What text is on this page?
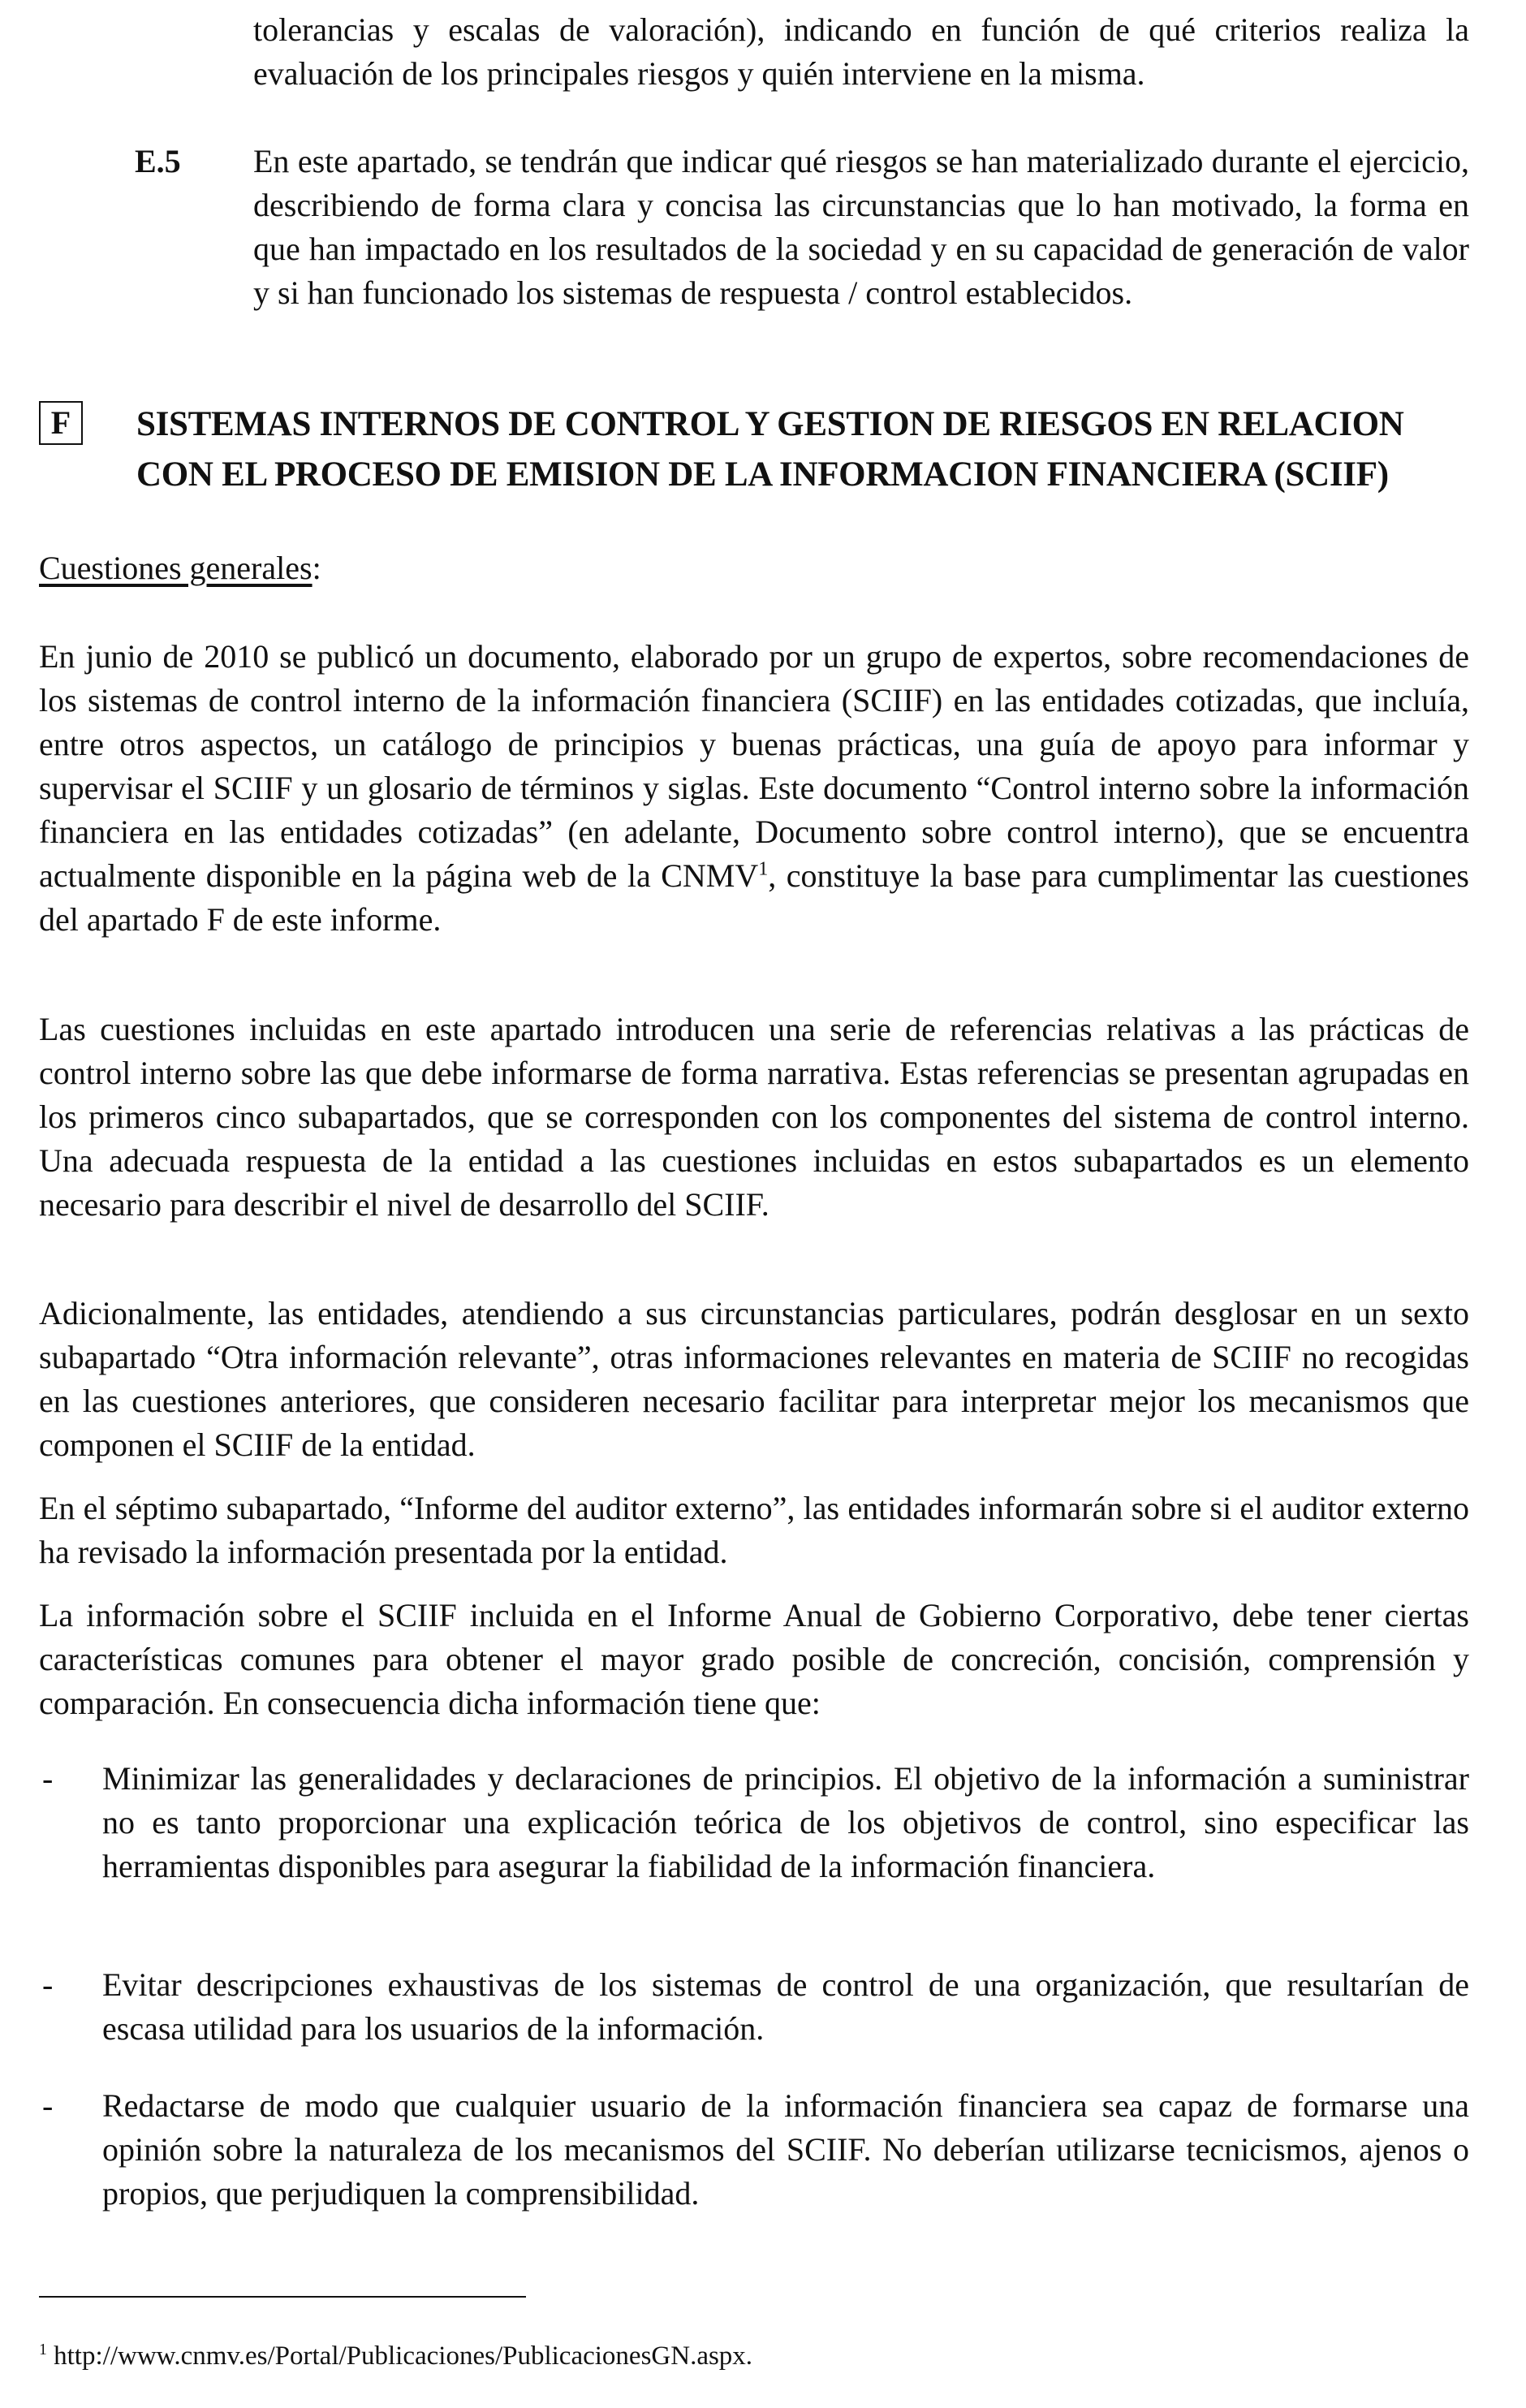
tolerancias y escalas de valoración), indicando en función de qué criterios realiza la evaluación de los principales riesgos y quién interviene en la misma.
E.5 En este apartado, se tendrán que indicar qué riesgos se han materializado durante el ejercicio, describiendo de forma clara y concisa las circunstancias que lo han motivado, la forma en que han impactado en los resultados de la sociedad y en su capacidad de generación de valor y si han funcionado los sistemas de respuesta / control establecidos.
F	SISTEMAS INTERNOS DE CONTROL Y GESTION DE RIESGOS EN RELACION
CON EL PROCESO DE EMISION DE LA INFORMACION FINANCIERA (SCIIF)
Cuestiones generales:
En junio de 2010 se publicó un documento, elaborado por un grupo de expertos, sobre recomendaciones de los sistemas de control interno de la información financiera (SCIIF) en las entidades cotizadas, que incluía, entre otros aspectos, un catálogo de principios y buenas prácticas, una guía de apoyo para informar y supervisar el SCIIF y un glosario de términos y siglas. Este documento “Control interno sobre la información financiera en las entidades cotizadas” (en adelante, Documento sobre control interno), que se encuentra actualmente disponible en la página web de la CNMV$^1$, constituye la base para cumplimentar las cuestiones del apartado F de este informe.
Las cuestiones incluidas en este apartado introducen una serie de referencias relativas a las prácticas de control interno sobre las que debe informarse de forma narrativa. Estas referencias se presentan agrupadas en los primeros cinco subapartados, que se corresponden con los componentes del sistema de control interno. Una adecuada respuesta de la entidad a las cuestiones incluidas en estos subapartados es un elemento necesario para describir el nivel de desarrollo del SCIIF.
Adicionalmente, las entidades, atendiendo a sus circunstancias particulares, podrán desglosar en un sexto subapartado “Otra información relevante”, otras informaciones relevantes en materia de SCIIF no recogidas en las cuestiones anteriores, que consideren necesario facilitar para interpretar mejor los mecanismos que componen el SCIIF de la entidad.
En el séptimo subapartado, “Informe del auditor externo”, las entidades informarán sobre si el auditor externo ha revisado la información presentada por la entidad.
La información sobre el SCIIF incluida en el Informe Anual de Gobierno Corporativo, debe tener ciertas características comunes para obtener el mayor grado posible de concreción, concisión, comprensión y comparación. En consecuencia dicha información tiene que:
- Minimizar las generalidades y declaraciones de principios. El objetivo de la información a suministrar no es tanto proporcionar una explicación teórica de los objetivos de control, sino especificar las herramientas disponibles para asegurar la fiabilidad de la información financiera.
- Evitar descripciones exhaustivas de los sistemas de control de una organización, que resultarían de escasa utilidad para los usuarios de la información.
- Redactarse de modo que cualquier usuario de la información financiera sea capaz de formarse una opinión sobre la naturaleza de los mecanismos del SCIIF. No deberían utilizarse tecnicismos, ajenos o propios, que perjudiquen la comprensibilidad.
$^1$ http://www.cnmv.es/Portal/Publicaciones/PublicacionesGN.aspx.
